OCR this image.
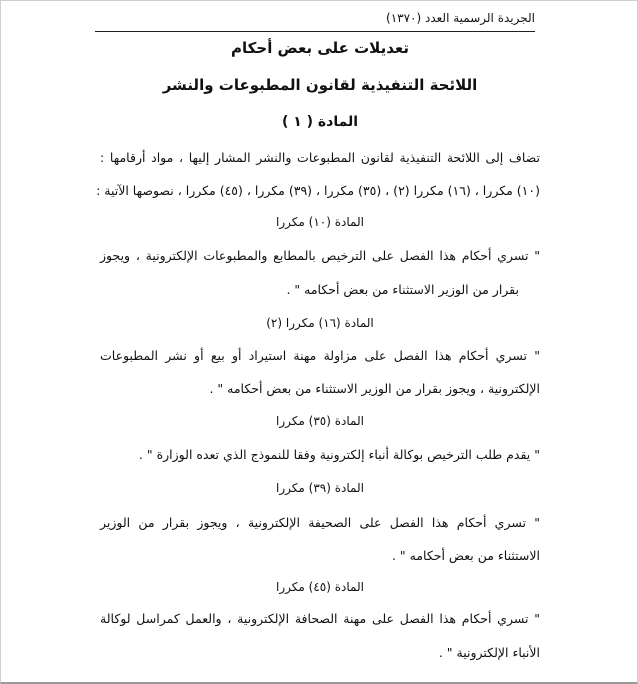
الجريدة الرسمية العدد (١٣٧٠)
تعديلات على بعض أحكام
اللائحة التنفيذية لقانون المطبوعات والنشر
المادة ( ١ )
تضاف إلى اللائحة التنفيذية لقانون المطبوعات والنشر المشار إليها ، مواد أرقامها :
(١٠) مكررا ، (١٦) مكررا (٢) ، (٣٥) مكررا ، (٣٩) مكررا ، (٤٥) مكررا ، نصوصها الآتية :
المادة (١٠) مكررا
" تسري أحكام هذا الفصل على الترخيص بالمطابع والمطبوعات الإلكترونية ، ويجوز
بقرار من الوزير الاستثناء من بعض أحكامه " .
المادة (١٦) مكررا (٢)
" تسري أحكام هذا الفصل على مزاولة مهنة استيراد أو بيع أو نشر المطبوعات
الإلكترونية ، ويجوز بقرار من الوزير الاستثناء من بعض أحكامه " .
المادة (٣٥) مكررا
" يقدم طلب الترخيص بوكالة أنباء إلكترونية وفقا للنموذج الذي تعده الوزارة " .
المادة (٣٩) مكررا
" تسري أحكام هذا الفصل على الصحيفة الإلكترونية ، ويجوز بقرار من الوزير
الاستثناء من بعض أحكامه " .
المادة (٤٥) مكررا
" تسري أحكام هذا الفصل على مهنة الصحافة الإلكترونية ، والعمل كمراسل لوكالة
الأنباء الإلكترونية " .
